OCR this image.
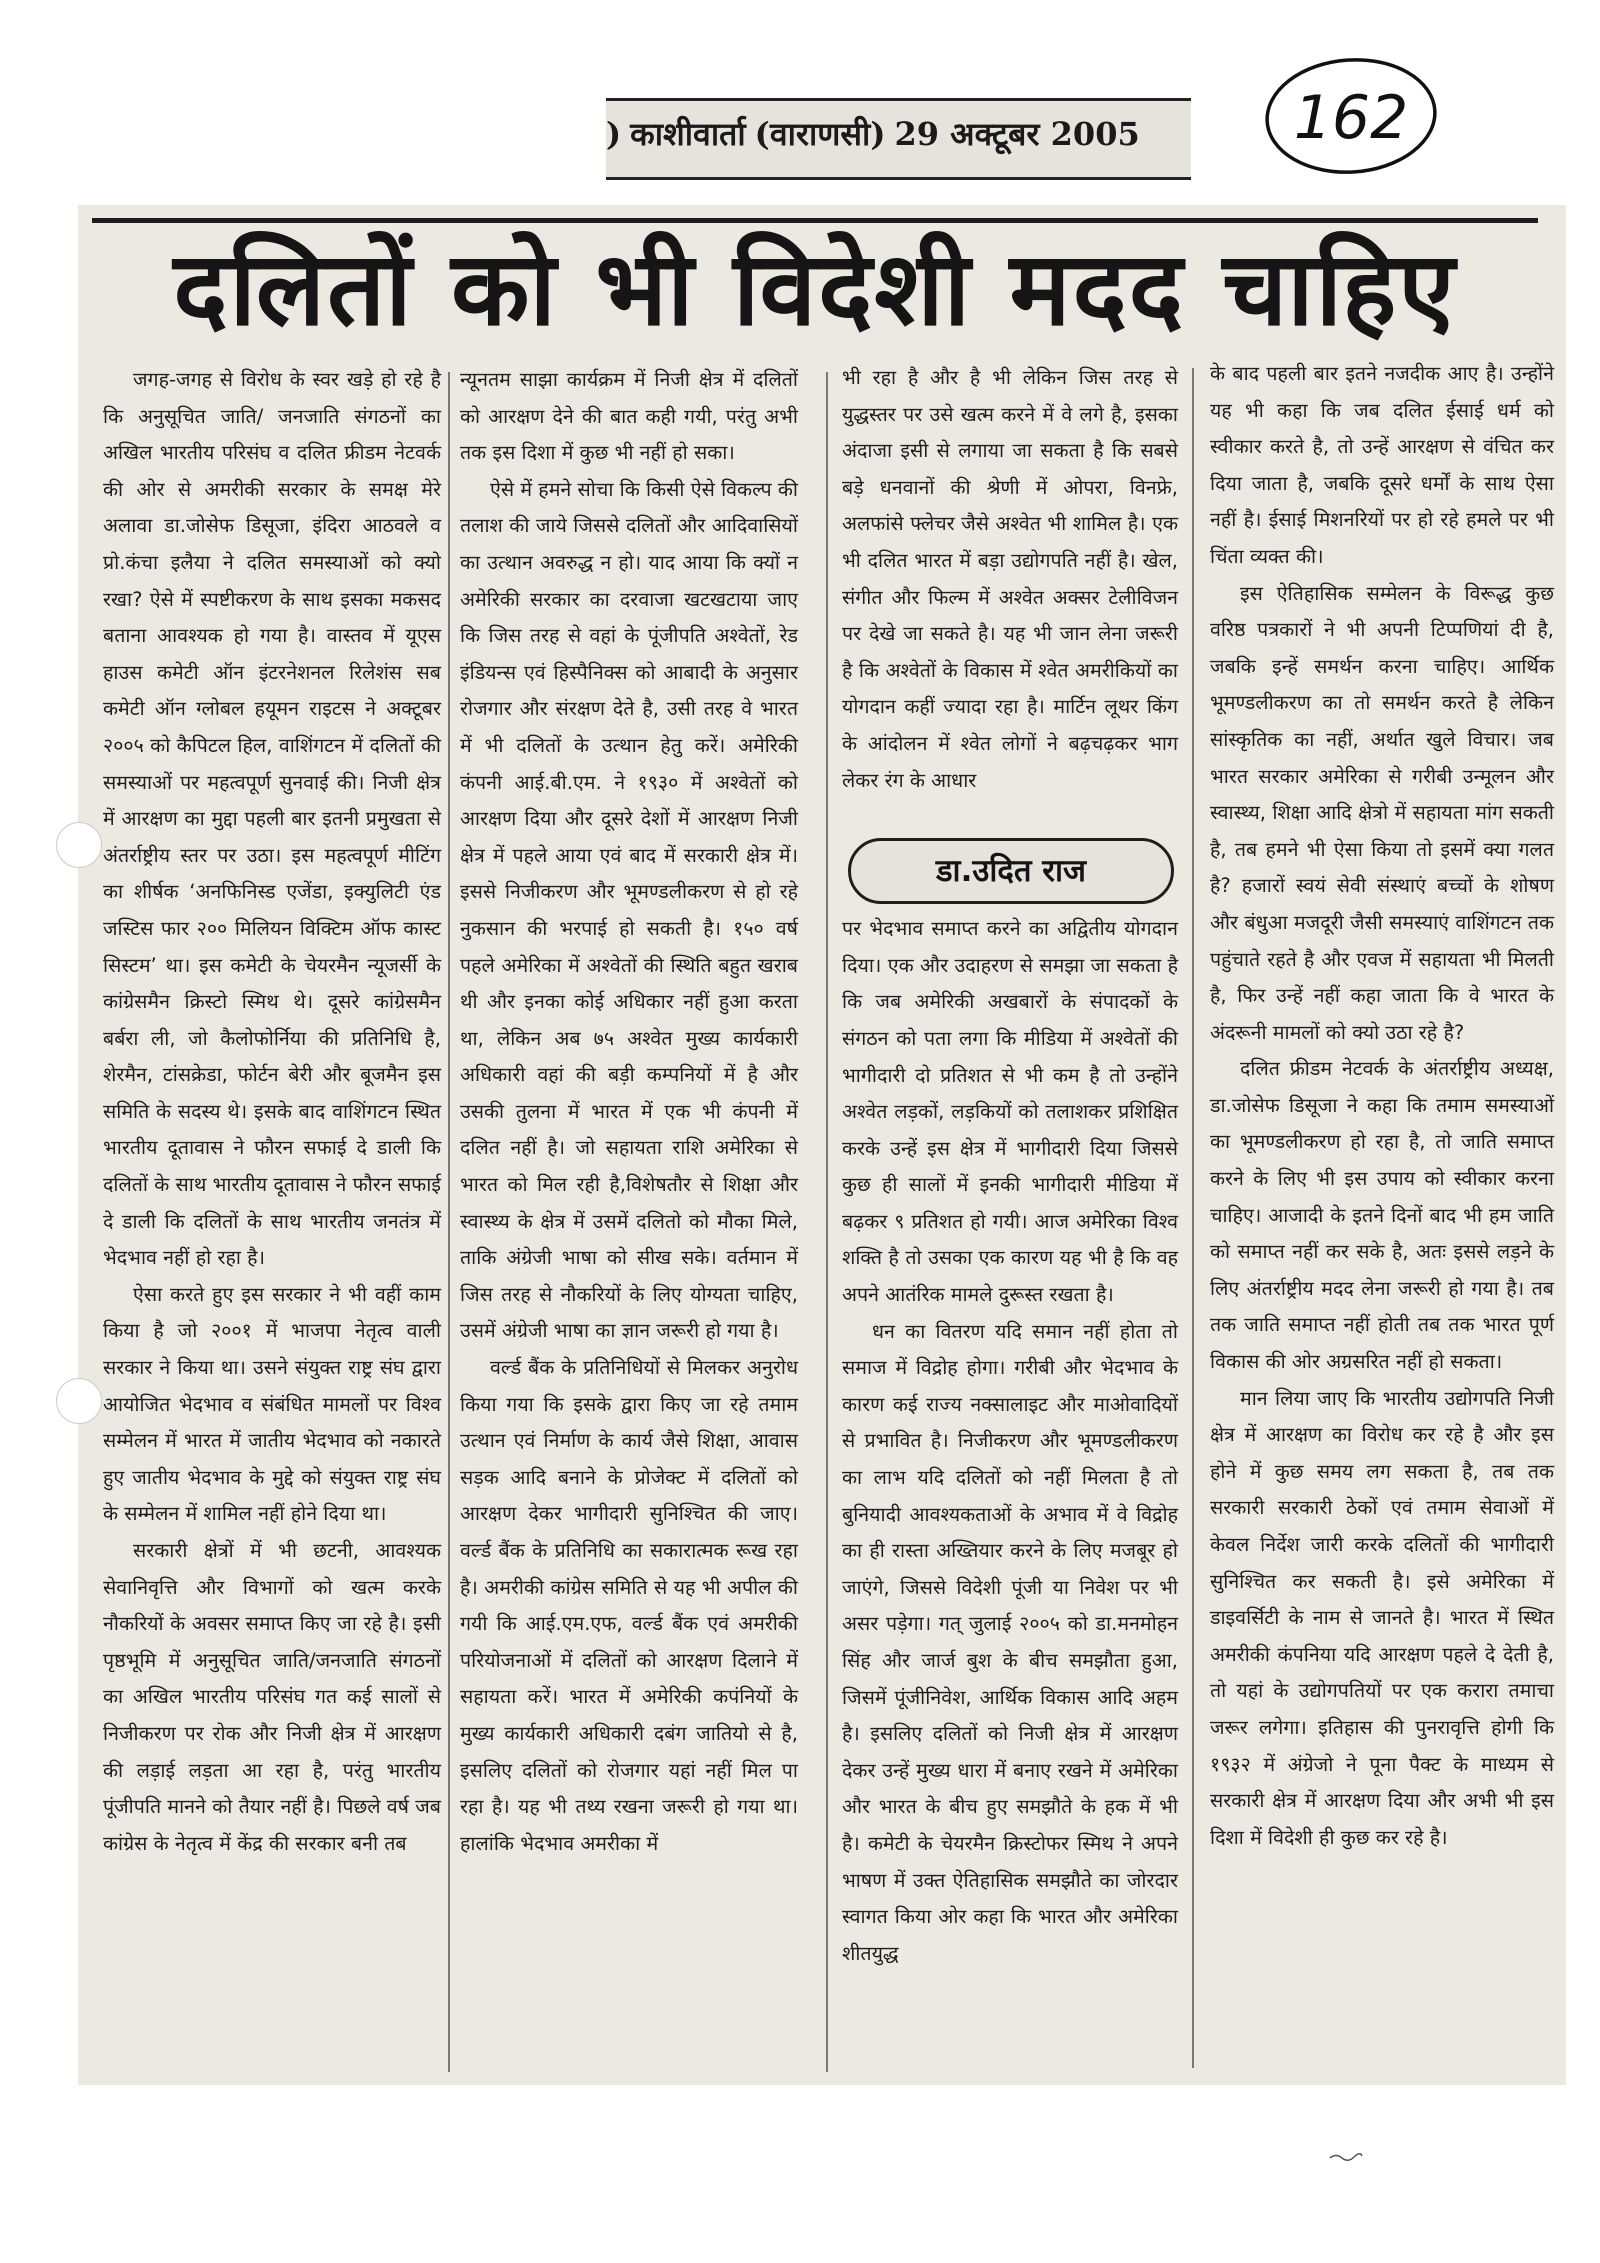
) काशीवार्ता (वाराणसी) 29 अक्टूबर 2005	162
दलितों को भी विदेशी मदद चाहिए

जगह-जगह से विरोध के स्वर खड़े हो रहे है कि अनुसूचित जाति/ जनजाति संगठनों का अखिल भारतीय परिसंघ व दलित फ्रीडम नेटवर्क की ओर से अमरीकी सरकार के समक्ष मेरे अलावा डा.जोसेफ डिसूजा, इंदिरा आठवले व प्रो.कंचा इलैया ने दलित समस्याओं को क्यो रखा? ऐसे में स्पष्टीकरण के साथ इसका मकसद बताना आवश्यक हो गया है। वास्तव में यूएस हाउस कमेटी ऑन इंटरनेशनल रिलेशंस सब कमेटी ऑन ग्लोबल हयूमन राइटस ने अक्टूबर २००५ को कैपिटल हिल, वाशिंगटन में दलितों की समस्याओं पर महत्वपूर्ण सुनवाई की। निजी क्षेत्र में आरक्षण का मुद्दा पहली बार इतनी प्रमुखता से अंतर्राष्ट्रीय स्तर पर उठा। इस महत्वपूर्ण मीटिंग का शीर्षक ‘अनफिनिस्ड एजेंडा, इक्युलिटी एंड जस्टिस फार २०० मिलियन विक्टिम ऑफ कास्ट सिस्टम’ था। इस कमेटी के चेयरमैन न्यूजर्सी के कांग्रेसमैन क्रिस्टो स्मिथ थे। दूसरे कांग्रेसमैन बर्बरा ली, जो कैलोफोर्निया की प्रतिनिधि है, शेरमैन, टांसक्रेडा, फोर्टन बेरी और बूजमैन इस समिति के सदस्य थे। इसके बाद वाशिंगटन स्थित भारतीय दूतावास ने फौरन सफाई दे डाली कि दलितों के साथ भारतीय दूतावास ने फौरन सफाई दे डाली कि दलितों के साथ भारतीय जनतंत्र में भेदभाव नहीं हो रहा है।

ऐसा करते हुए इस सरकार ने भी वहीं काम किया है जो २००१ में भाजपा नेतृत्व वाली सरकार ने किया था। उसने संयुक्त राष्ट्र संघ द्वारा आयोजित भेदभाव व संबंधित मामलों पर विश्व सम्मेलन में भारत में जातीय भेदभाव को नकारते हुए जातीय भेदभाव के मुद्दे को संयुक्त राष्ट्र संघ के सम्मेलन में शामिल नहीं होने दिया था।

सरकारी क्षेत्रों में भी छटनी, आवश्यक सेवानिवृत्ति और विभागों को खत्म करके नौकरियों के अवसर समाप्त किए जा रहे है। इसी पृष्ठभूमि में अनुसूचित जाति/जनजाति संगठनों का अखिल भारतीय परिसंघ गत कई सालों से निजीकरण पर रोक और निजी क्षेत्र में आरक्षण की लड़ाई लड़ता आ रहा है, परंतु भारतीय पूंजीपति मानने को तैयार नहीं है। पिछले वर्ष जब कांग्रेस के नेतृत्व में केंद्र की सरकार बनी तब

न्यूनतम साझा कार्यक्रम में निजी क्षेत्र में दलितों को आरक्षण देने की बात कही गयी, परंतु अभी तक इस दिशा में कुछ भी नहीं हो सका।

ऐसे में हमने सोचा कि किसी ऐसे विकल्प की तलाश की जाये जिससे दलितों और आदिवासियों का उत्थान अवरुद्ध न हो। याद आया कि क्यों न अमेरिकी सरकार का दरवाजा खटखटाया जाए कि जिस तरह से वहां के पूंजीपति अश्वेतों, रेड इंडियन्स एवं हिस्पैनिक्स को आबादी के अनुसार रोजगार और संरक्षण देते है, उसी तरह वे भारत में भी दलितों के उत्थान हेतु करें। अमेरिकी कंपनी आई.बी.एम. ने १९३० में अश्वेतों को आरक्षण दिया और दूसरे देशों में आरक्षण निजी क्षेत्र में पहले आया एवं बाद में सरकारी क्षेत्र में। इससे निजीकरण और भूमण्डलीकरण से हो रहे नुकसान की भरपाई हो सकती है। १५० वर्ष पहले अमेरिका में अश्वेतों की स्थिति बहुत खराब थी और इनका कोई अधिकार नहीं हुआ करता था, लेकिन अब ७५ अश्वेत मुख्य कार्यकारी अधिकारी वहां की बड़ी कम्पनियों में है और उसकी तुलना में भारत में एक भी कंपनी में दलित नहीं है। जो सहायता राशि अमेरिका से भारत को मिल रही है,विशेषतौर से शिक्षा और स्वास्थ्य के क्षेत्र में उसमें दलितो को मौका मिले, ताकि अंग्रेजी भाषा को सीख सके। वर्तमान में जिस तरह से नौकरियों के लिए योग्यता चाहिए, उसमें अंग्रेजी भाषा का ज्ञान जरूरी हो गया है।

वर्ल्ड बैंक के प्रतिनिधियों से मिलकर अनुरोध किया गया कि इसके द्वारा किए जा रहे तमाम उत्थान एवं निर्माण के कार्य जैसे शिक्षा, आवास सड़क आदि बनाने के प्रोजेक्ट में दलितों को आरक्षण देकर भागीदारी सुनिश्चित की जाए। वर्ल्ड बैंक के प्रतिनिधि का सकारात्मक रूख रहा है। अमरीकी कांग्रेस समिति से यह भी अपील की गयी कि आई.एम.एफ, वर्ल्ड बैंक एवं अमरीकी परियोजनाओं में दलितों को आरक्षण दिलाने में सहायता करें। भारत में अमेरिकी कपंनियों के मुख्य कार्यकारी अधिकारी दबंग जातियो से है, इसलिए दलितों को रोजगार यहां नहीं मिल पा रहा है। यह भी तथ्य रखना जरूरी हो गया था। हालांकि भेदभाव अमरीका में

भी रहा है और है भी लेकिन जिस तरह से युद्धस्तर पर उसे खत्म करने में वे लगे है, इसका अंदाजा इसी से लगाया जा सकता है कि सबसे बड़े धनवानों की श्रेणी में ओपरा, विनफ्रे, अलफांसे फ्लेचर जैसे अश्वेत भी शामिल है। एक भी दलित भारत में बड़ा उद्योगपति नहीं है। खेल, संगीत और फिल्म में अश्वेत अक्सर टेलीविजन पर देखे जा सकते है। यह भी जान लेना जरूरी है कि अश्वेतों के विकास में श्वेत अमरीकियों का योगदान कहीं ज्यादा रहा है। मार्टिन लूथर किंग के आंदोलन में श्वेत लोगों ने बढ़चढ़कर भाग लेकर रंग के आधार

पर भेदभाव समाप्त करने का अद्वितीय योगदान दिया। एक और उदाहरण से समझा जा सकता है कि जब अमेरिकी अखबारों के संपादकों के संगठन को पता लगा कि मीडिया में अश्वेतों की भागीदारी दो प्रतिशत से भी कम है तो उन्होंने अश्वेत लड़कों, लड़कियों को तलाशकर प्रशिक्षित करके उन्हें इस क्षेत्र में भागीदारी दिया जिससे कुछ ही सालों में इनकी भागीदारी मीडिया में बढ़कर ९ प्रतिशत हो गयी। आज अमेरिका विश्व शक्ति है तो उसका एक कारण यह भी है कि वह अपने आतंरिक मामले दुरूस्त रखता है।

धन का वितरण यदि समान नहीं होता तो समाज में विद्रोह होगा। गरीबी और भेदभाव के कारण कई राज्य नक्सालाइट और माओवादियों से प्रभावित है। निजीकरण और भूमण्डलीकरण का लाभ यदि दलितों को नहीं मिलता है तो बुनियादी आवश्यकताओं के अभाव में वे विद्रोह का ही रास्ता अख्तियार करने के लिए मजबूर हो जाएंगे, जिससे विदेशी पूंजी या निवेश पर भी असर पड़ेगा। गत् जुलाई २००५ को डा.मनमोहन सिंह और जार्ज बुश के बीच समझौता हुआ, जिसमें पूंजीनिवेश, आर्थिक विकास आदि अहम है। इसलिए दलितों को निजी क्षेत्र में आरक्षण देकर उन्हें मुख्य धारा में बनाए रखने में अमेरिका और भारत के बीच हुए समझौते के हक में भी है। कमेटी के चेयरमैन क्रिस्टोफर स्मिथ ने अपने भाषण में उक्त ऐतिहासिक समझौते का जोरदार स्वागत किया ओर कहा कि भारत और अमेरिका शीतयुद्ध

डा.उदित राज

के बाद पहली बार इतने नजदीक आए है। उन्होंने यह भी कहा कि जब दलित ईसाई धर्म को स्वीकार करते है, तो उन्हें आरक्षण से वंचित कर दिया जाता है, जबकि दूसरे धर्मों के साथ ऐसा नहीं है। ईसाई मिशनरियों पर हो रहे हमले पर भी चिंता व्यक्त की।

इस ऐतिहासिक सम्मेलन के विरूद्ध कुछ वरिष्ठ पत्रकारों ने भी अपनी टिप्पणियां दी है, जबकि इन्हें समर्थन करना चाहिए। आर्थिक भूमण्डलीकरण का तो समर्थन करते है लेकिन सांस्कृतिक का नहीं, अर्थात खुले विचार। जब भारत सरकार अमेरिका से गरीबी उन्मूलन और स्वास्थ्य, शिक्षा आदि क्षेत्रो में सहायता मांग सकती है, तब हमने भी ऐसा किया तो इसमें क्या गलत है? हजारों स्वयं सेवी संस्थाएं बच्चों के शोषण और बंधुआ मजदूरी जैसी समस्याएं वाशिंगटन तक पहुंचाते रहते है और एवज में सहायता भी मिलती है, फिर उन्हें नहीं कहा जाता कि वे भारत के अंदरूनी मामलों को क्यो उठा रहे है?

दलित फ्रीडम नेटवर्क के अंतर्राष्ट्रीय अध्यक्ष, डा.जोसेफ डिसूजा ने कहा कि तमाम समस्याओं का भूमण्डलीकरण हो रहा है, तो जाति समाप्त करने के लिए भी इस उपाय को स्वीकार करना चाहिए। आजादी के इतने दिनों बाद भी हम जाति को समाप्त नहीं कर सके है, अतः इससे लड़ने के लिए अंतर्राष्ट्रीय मदद लेना जरूरी हो गया है। तब तक जाति समाप्त नहीं होती तब तक भारत पूर्ण विकास की ओर अग्रसरित नहीं हो सकता।

मान लिया जाए कि भारतीय उद्योगपति निजी क्षेत्र में आरक्षण का विरोध कर रहे है और इस होने में कुछ समय लग सकता है, तब तक सरकारी सरकारी ठेकों एवं तमाम सेवाओं में केवल निर्देश जारी करके दलितों की भागीदारी सुनिश्चित कर सकती है। इसे अमेरिका में डाइवर्सिटी के नाम से जानते है। भारत में स्थित अमरीकी कंपनिया यदि आरक्षण पहले दे देती है, तो यहां के उद्योगपतियों पर एक करारा तमाचा जरूर लगेगा। इतिहास की पुनरावृत्ति होगी कि १९३२ में अंग्रेजो ने पूना पैक्ट के माध्यम से सरकारी क्षेत्र में आरक्षण दिया और अभी भी इस दिशा में विदेशी ही कुछ कर रहे है।
